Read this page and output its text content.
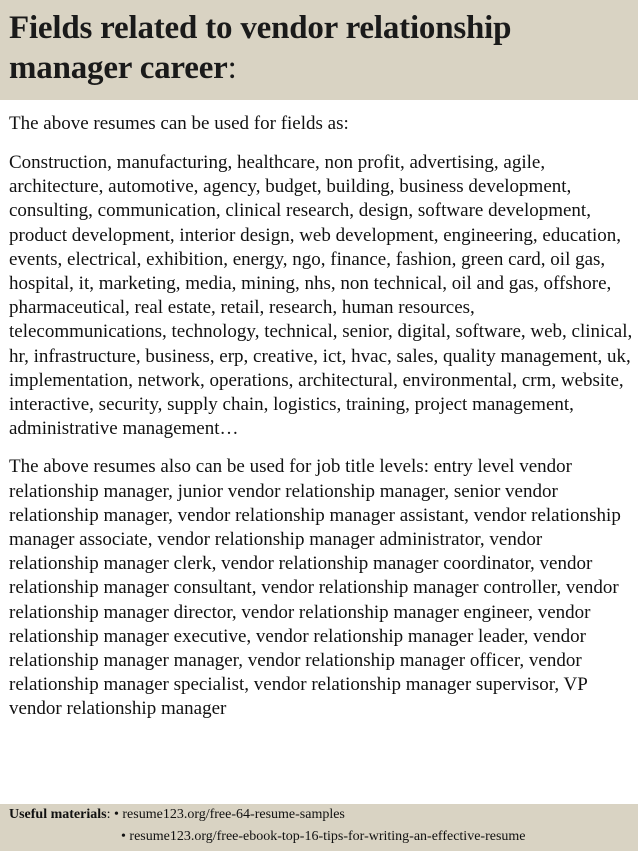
Fields related to vendor relationship manager career:

The above resumes can be used for fields as:

Construction, manufacturing, healthcare, non profit, advertising, agile, architecture, automotive, agency, budget, building, business development, consulting, communication, clinical research, design, software development, product development, interior design, web development, engineering, education, events, electrical, exhibition, energy, ngo, finance, fashion, green card, oil gas, hospital, it, marketing, media, mining, nhs, non technical, oil and gas, offshore, pharmaceutical, real estate, retail, research, human resources, telecommunications, technology, technical, senior, digital, software, web, clinical, hr, infrastructure, business, erp, creative, ict, hvac, sales, quality management, uk, implementation, network, operations, architectural, environmental, crm, website, interactive, security, supply chain, logistics, training, project management, administrative management…

The above resumes also can be used for job title levels: entry level vendor relationship manager, junior vendor relationship manager, senior vendor relationship manager, vendor relationship manager assistant, vendor relationship manager associate, vendor relationship manager administrator, vendor relationship manager clerk, vendor relationship manager coordinator, vendor relationship manager consultant, vendor relationship manager controller, vendor relationship manager director, vendor relationship manager engineer, vendor relationship manager executive, vendor relationship manager leader, vendor relationship manager manager, vendor relationship manager officer, vendor relationship manager specialist, vendor relationship manager supervisor, VP vendor relationship manager

Useful materials: • resume123.org/free-64-resume-samples
• resume123.org/free-ebook-top-16-tips-for-writing-an-effective-resume
